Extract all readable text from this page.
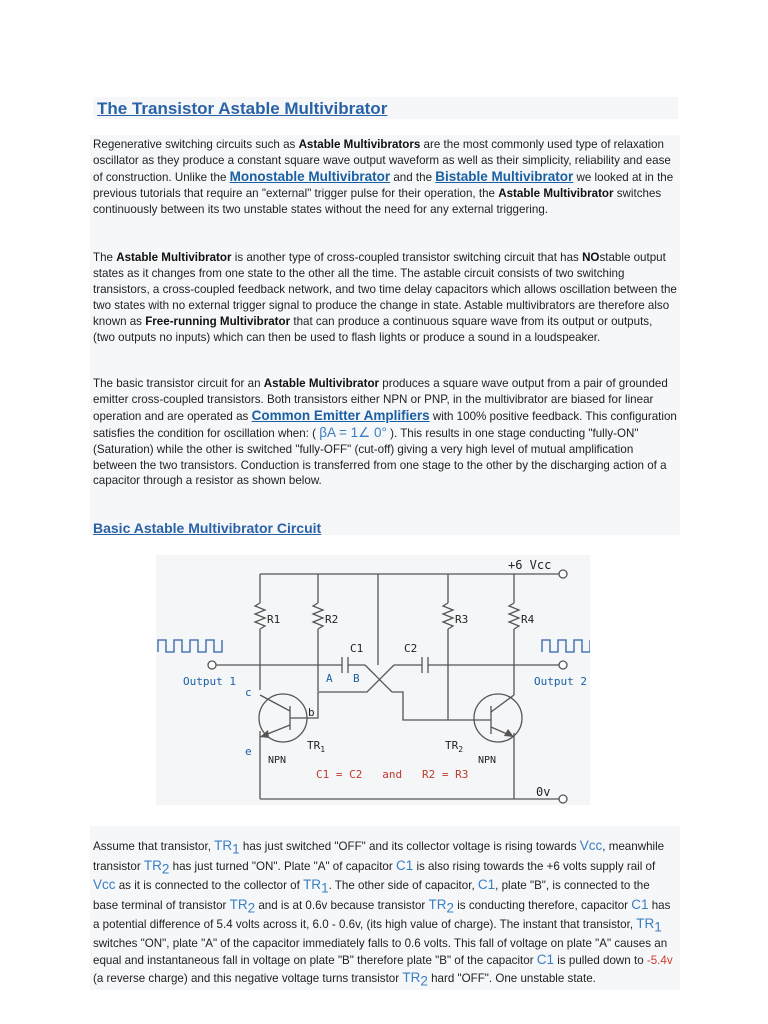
The Transistor Astable Multivibrator
Regenerative switching circuits such as Astable Multivibrators are the most commonly used type of relaxation oscillator as they produce a constant square wave output waveform as well as their simplicity, reliability and ease of construction. Unlike the Monostable Multivibrator and the Bistable Multivibrator we looked at in the previous tutorials that require an "external" trigger pulse for their operation, the Astable Multivibrator switches continuously between its two unstable states without the need for any external triggering.
The Astable Multivibrator is another type of cross-coupled transistor switching circuit that has NOstable output states as it changes from one state to the other all the time. The astable circuit consists of two switching transistors, a cross-coupled feedback network, and two time delay capacitors which allows oscillation between the two states with no external trigger signal to produce the change in state. Astable multivibrators are therefore also known as Free-running Multivibrator that can produce a continuous square wave from its output or outputs, (two outputs no inputs) which can then be used to flash lights or produce a sound in a loudspeaker.
The basic transistor circuit for an Astable Multivibrator produces a square wave output from a pair of grounded emitter cross-coupled transistors. Both transistors either NPN or PNP, in the multivibrator are biased for linear operation and are operated as Common Emitter Amplifiers with 100% positive feedback. This configuration satisfies the condition for oscillation when: ( βA = 1∠ 0° ). This results in one stage conducting "fully-ON" (Saturation) while the other is switched "fully-OFF" (cut-off) giving a very high level of mutual amplification between the two transistors. Conduction is transferred from one stage to the other by the discharging action of a capacitor through a resistor as shown below.
Basic Astable Multivibrator Circuit
+6 Vcc
0v
R1	R2	R3	R4
C1	C2
Output 1	Output 2
A B
c
b
e	$TR_1$	$TR_2$
NPN	NPN
C1 = C2   and   R2 = R3
Assume that transistor, $TR_1$ has just switched "OFF" and its collector voltage is rising towards Vcc, meanwhile transistor $TR_2$ has just turned "ON". Plate "A" of capacitor C1 is also rising towards the +6 volts supply rail of Vcc as it is connected to the collector of $TR_1$. The other side of capacitor, C1, plate "B", is connected to the base terminal of transistor $TR_2$ and is at 0.6v because transistor $TR_2$ is conducting therefore, capacitor C1 has a potential difference of 5.4 volts across it, 6.0 - 0.6v, (its high value of charge). The instant that transistor, $TR_1$ switches "ON", plate "A" of the capacitor immediately falls to 0.6 volts. This fall of voltage on plate "A" causes an equal and instantaneous fall in voltage on plate "B" therefore plate "B" of the capacitor C1 is pulled down to -5.4v (a reverse charge) and this negative voltage turns transistor $TR_2$ hard "OFF". One unstable state.
